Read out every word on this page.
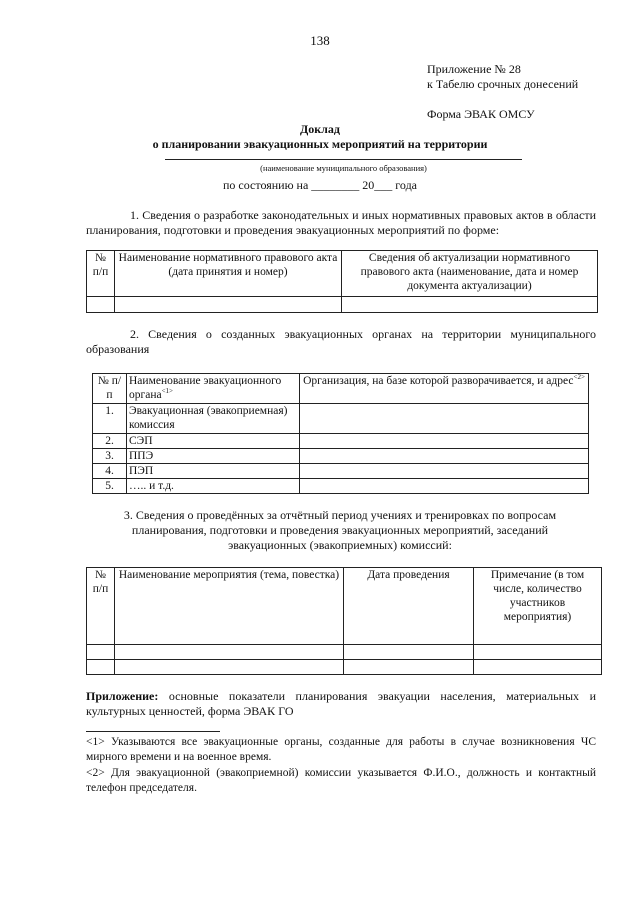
138
Приложение № 28
к Табелю срочных донесений
Форма ЭВАК ОМСУ
Доклад
о планировании эвакуационных мероприятий на территории
(наименование муниципального образования)
по состоянию на ________ 20___ года
1. Сведения о разработке законодательных и иных нормативных правовых актов в области планирования, подготовки и проведения эвакуационных мероприятий по форме:
№ п/п	Наименование нормативного правового акта (дата принятия и номер)	Сведения об актуализации нормативного правового акта (наименование, дата и номер документа актуализации)

2. Сведения о созданных эвакуационных органах на территории муниципального образования
№ п/п	Наименование эвакуационного органа$^{<1>}$	Организация, на базе которой разворачивается, и адрес$^{<2>}$
1.	Эвакуационная (эвакоприемная) комиссия	
2.	СЭП	
3.	ППЭ	
4.	ПЭП	
5.	….. и т.д.	
3. Сведения о проведённых за отчётный период учениях и тренировках по вопросам планирования, подготовки и проведения эвакуационных мероприятий, заседаний эвакуационных (эвакоприемных) комиссий:
№ п/п	Наименование мероприятия (тема, повестка)	Дата проведения	Примечание (в том числе, количество участников мероприятия)

Приложение: основные показатели планирования эвакуации населения, материальных и культурных ценностей, форма ЭВАК ГО
<1> Указываются все эвакуационные органы, созданные для работы в случае возникновения ЧС мирного времени и на военное время.
<2> Для эвакуационной (эвакоприемной) комиссии указывается Ф.И.О., должность и контактный телефон председателя.
